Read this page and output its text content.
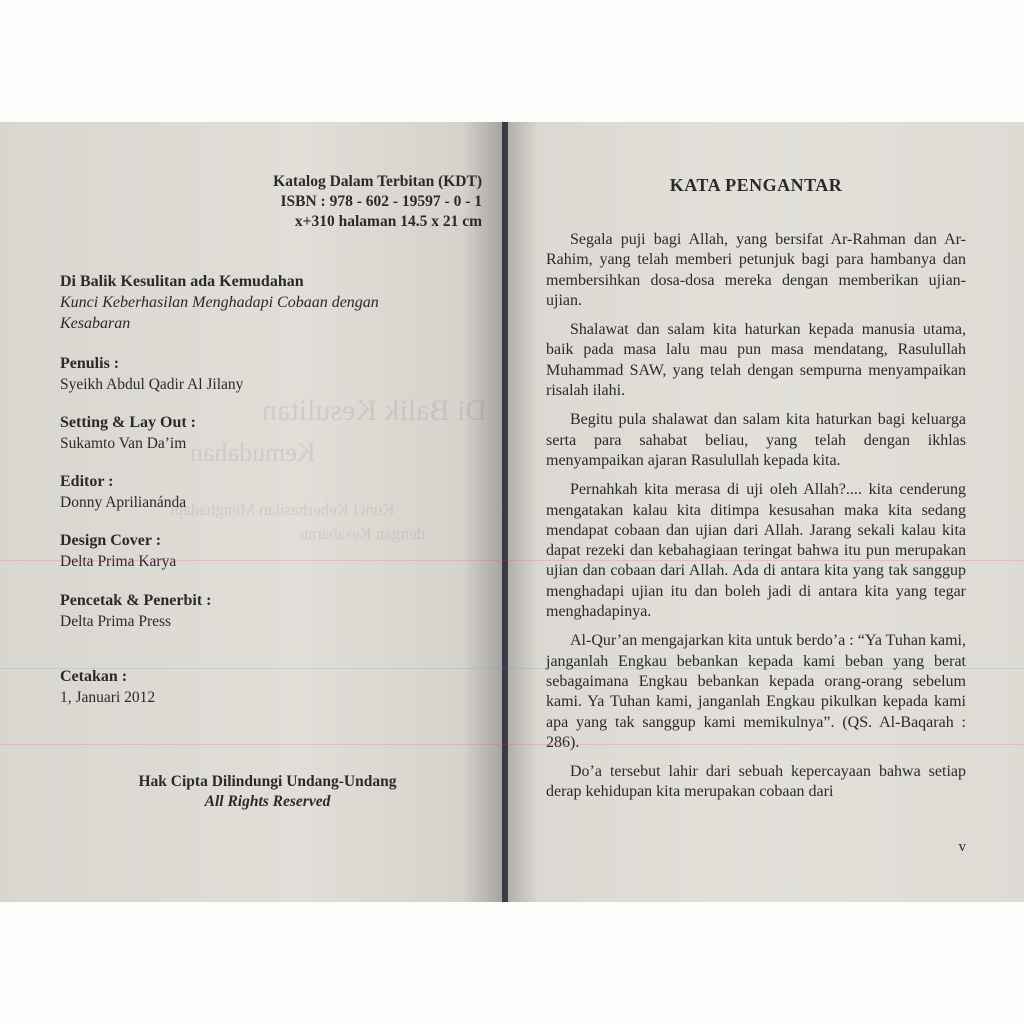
Di Balik Kesulitan
Kemudahan
Kunci Keberhasilan Menghadapi
dengan Kesabaran
Katalog Dalam Terbitan (KDT)
ISBN : 978 - 602 - 19597 - 0 - 1
x+310 halaman 14.5 x 21 cm
Di Balik Kesulitan ada Kemudahan
Kunci Keberhasilan Menghadapi Cobaan dengan Kesabaran
Penulis :
Syeikh Abdul Qadir Al Jilany
Setting & Lay Out :
Sukamto Van Da’im
Editor :
Donny Aprilianánda
Design Cover :
Delta Prima Karya
Pencetak & Penerbit :
Delta Prima Press
Cetakan :
1, Januari 2012
Hak Cipta Dilindungi Undang-Undang
All Rights Reserved
KATA PENGANTAR

Segala puji bagi Allah, yang bersifat Ar-Rahman dan Ar-Rahim, yang telah memberi petunjuk bagi para hambanya dan membersihkan dosa-dosa mereka dengan memberikan ujian-ujian.

Shalawat dan salam kita haturkan kepada manusia utama, baik pada masa lalu mau pun masa mendatang, Rasulullah Muhammad SAW, yang telah dengan sempurna menyampaikan risalah ilahi.

Begitu pula shalawat dan salam kita haturkan bagi keluarga serta para sahabat beliau, yang telah dengan ikhlas menyampaikan ajaran Rasulullah kepada kita.

Pernahkah kita merasa di uji oleh Allah?.... kita cenderung mengatakan kalau kita ditimpa kesusahan maka kita sedang mendapat cobaan dan ujian dari Allah. Jarang sekali kalau kita dapat rezeki dan kebahagiaan teringat bahwa itu pun merupakan ujian dan cobaan dari Allah. Ada di antara kita yang tak sanggup menghadapi ujian itu dan boleh jadi di antara kita yang tegar menghadapinya.

Al-Qur’an mengajarkan kita untuk berdo’a : “Ya Tuhan kami, janganlah Engkau bebankan kepada kami beban yang berat sebagaimana Engkau bebankan kepada orang-orang sebelum kami. Ya Tuhan kami, janganlah Engkau pikulkan kepada kami apa yang tak sanggup kami memikulnya”. (QS. Al-Baqarah : 286).

Do’a tersebut lahir dari sebuah kepercayaan bahwa setiap derap kehidupan kita merupakan cobaan dari

v
